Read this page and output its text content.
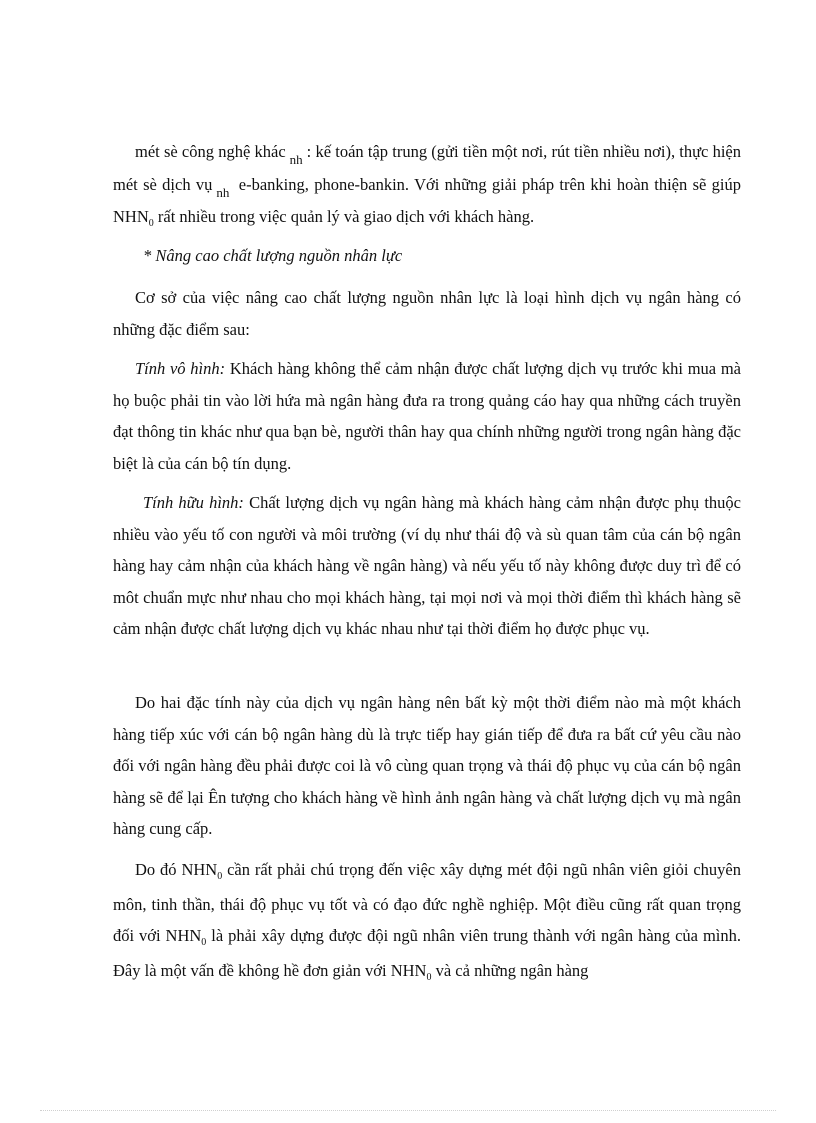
mét sè công nghệ khác $_{nh}$ : kế toán tập trung (gửi tiền một nơi, rút tiền nhiều nơi), thực hiện mét sè dịch vụ $_{nh}$ e-banking, phone-bankin. Với những giải pháp trên khi hoàn thiện sẽ giúp $NHN_0$ rất nhiều trong việc quản lý và giao dịch với khách hàng.

* Nâng cao chất lượng nguồn nhân lực

Cơ sở của việc nâng cao chất lượng nguồn nhân lực là loại hình dịch vụ ngân hàng có những đặc điểm sau:

Tính vô hình: Khách hàng không thể cảm nhận được chất lượng dịch vụ trước khi mua mà họ buộc phải tin vào lời hứa mà ngân hàng đưa ra trong quảng cáo hay qua những cách truyền đạt thông tin khác như qua bạn bè, người thân hay qua chính những người trong ngân hàng đặc biệt là của cán bộ tín dụng.

Tính hữu hình: Chất lượng dịch vụ ngân hàng mà khách hàng cảm nhận được phụ thuộc nhiều vào yếu tố con người và môi trường (ví dụ như thái độ và sù quan tâm của cán bộ ngân hàng hay cảm nhận của khách hàng về ngân hàng) và nếu yếu tố này không được duy trì để có môt chuẩn mực như nhau cho mọi khách hàng, tại mọi nơi và mọi thời điểm thì khách hàng sẽ cảm nhận được chất lượng dịch vụ khác nhau như tại thời điểm họ được phục vụ.

Do hai đặc tính này của dịch vụ ngân hàng nên bất kỳ một thời điểm nào mà một khách hàng tiếp xúc với cán bộ ngân hàng dù là trực tiếp hay gián tiếp để đưa ra bất cứ yêu cầu nào đối với ngân hàng đều phải được coi là vô cùng quan trọng và thái độ phục vụ của cán bộ ngân hàng sẽ để lại Ên tượng cho khách hàng về hình ảnh ngân hàng và chất lượng dịch vụ mà ngân hàng cung cấp.

Do đó $NHN_0$ cần rất phải chú trọng đến việc xây dựng mét đội ngũ nhân viên giỏi chuyên môn, tinh thần, thái độ phục vụ tốt và có đạo đức nghề nghiệp. Một điều cũng rất quan trọng đối với $NHN_0$ là phải xây dựng được đội ngũ nhân viên trung thành với ngân hàng của mình. Đây là một vấn đề không hề đơn giản với $NHN_0$ và cả những ngân hàng
